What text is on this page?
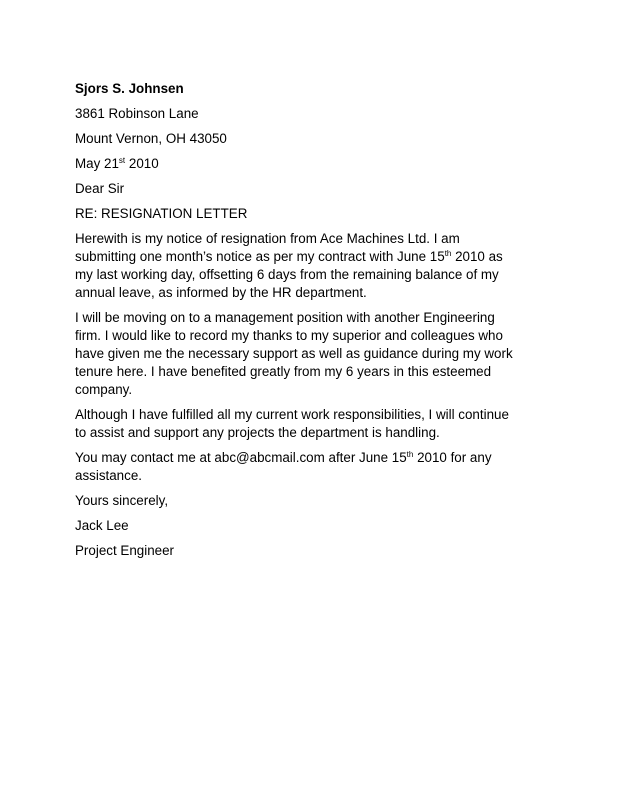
Sjors S. Johnsen
3861 Robinson Lane
Mount Vernon, OH 43050
May 21st 2010
Dear Sir
RE: RESIGNATION LETTER
Herewith is my notice of resignation from Ace Machines Ltd. I am
submitting one month’s notice as per my contract with June 15th 2010 as
my last working day, offsetting 6 days from the remaining balance of my
annual leave, as informed by the HR department.
I will be moving on to a management position with another Engineering
firm. I would like to record my thanks to my superior and colleagues who
have given me the necessary support as well as guidance during my work
tenure here. I have benefited greatly from my 6 years in this esteemed
company.
Although I have fulfilled all my current work responsibilities, I will continue
to assist and support any projects the department is handling.
You may contact me at abc@abcmail.com after June 15th 2010 for any
assistance.
Yours sincerely,
Jack Lee
Project Engineer
